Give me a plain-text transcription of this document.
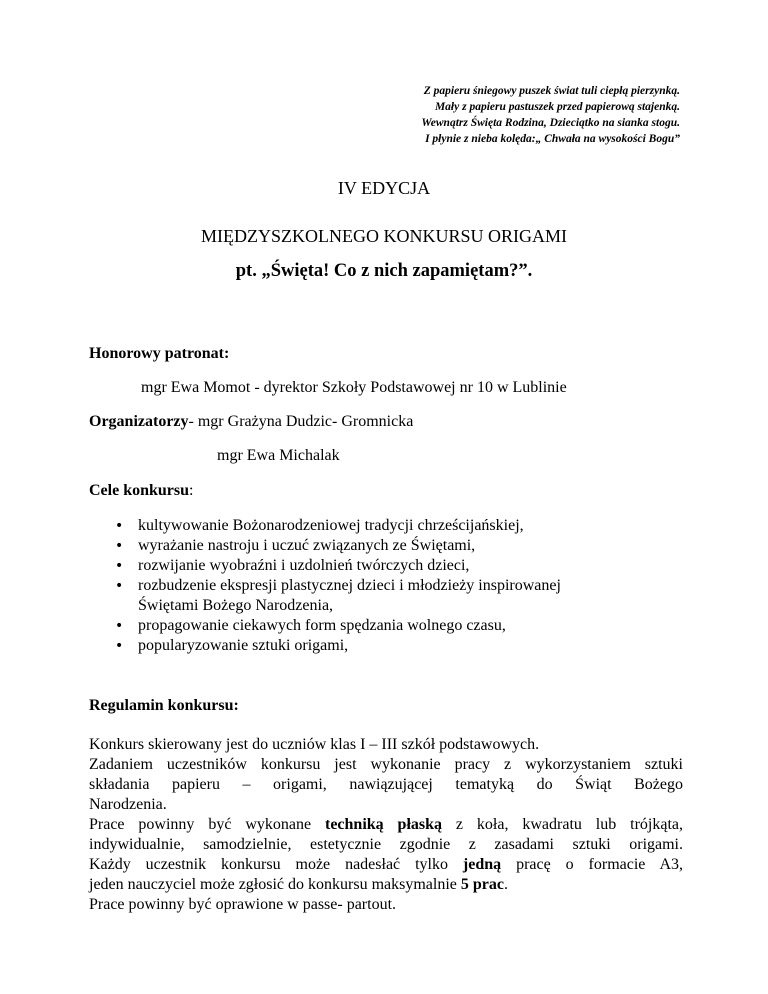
Z papieru śniegowy puszek świat tuli ciepłą pierzynką.
Mały z papieru pastuszek przed papierową stajenką.
Wewnątrz Święta Rodzina, Dzieciątko na sianka stogu.
I płynie z nieba kolęda:„ Chwała na wysokości Bogu”
IV EDYCJA
MIĘDZYSZKOLNEGO KONKURSU ORIGAMI
pt. „Święta! Co z nich zapamiętam?”.
Honorowy patronat:
mgr Ewa Momot - dyrektor Szkoły Podstawowej nr 10 w Lublinie
Organizatorzy- mgr Grażyna Dudzic- Gromnicka
mgr Ewa Michalak
Cele konkursu:
• kultywowanie Bożonarodzeniowej tradycji chrześcijańskiej,
• wyrażanie nastroju i uczuć związanych ze Świętami,
• rozwijanie wyobraźni i uzdolnień twórczych dzieci,
• rozbudzenie ekspresji plastycznej dzieci i młodzieży inspirowanej
Świętami Bożego Narodzenia,
• propagowanie ciekawych form spędzania wolnego czasu,
• popularyzowanie sztuki origami,
Regulamin konkursu:
Konkurs skierowany jest do uczniów klas I – III szkół podstawowych.
Zadaniem uczestników konkursu jest wykonanie pracy z wykorzystaniem sztuki
składania papieru – origami, nawiązującej tematyką do Świąt Bożego
Narodzenia.
Prace powinny być wykonane techniką płaską z koła, kwadratu lub trójkąta,
indywidualnie, samodzielnie, estetycznie zgodnie z zasadami sztuki origami.
Każdy uczestnik konkursu może nadesłać tylko jedną pracę o formacie A3,
jeden nauczyciel może zgłosić do konkursu maksymalnie 5 prac.
Prace powinny być oprawione w passe- partout.
